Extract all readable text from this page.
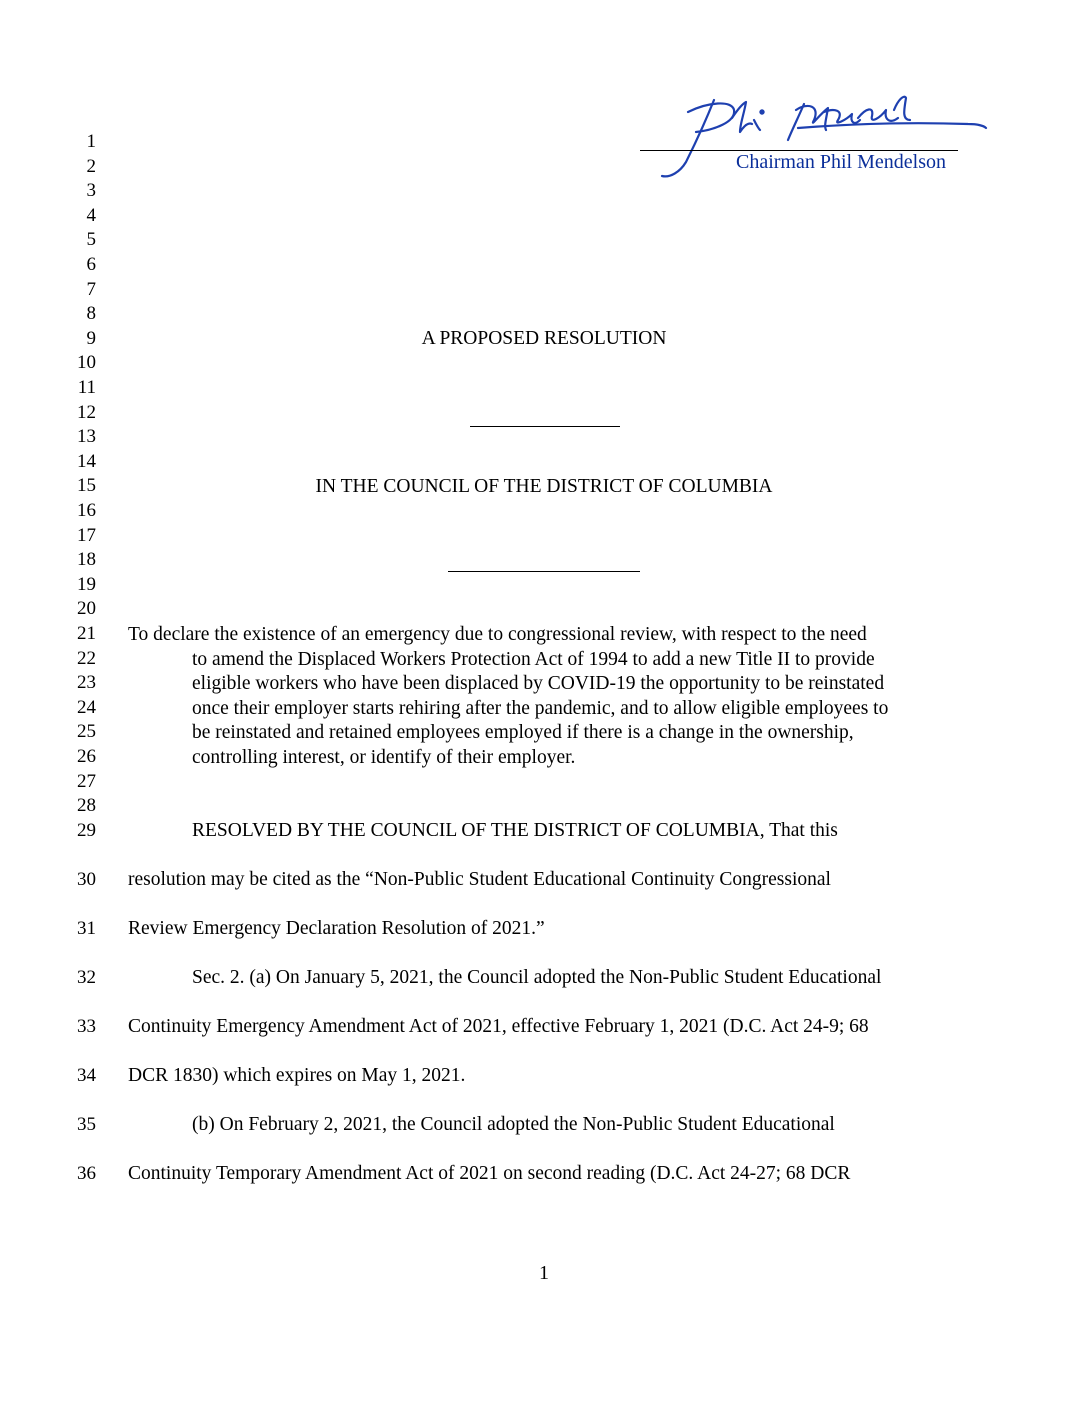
Chairman Phil Mendelson
1
2
3
4
5
6
7
8
9
10
11
12
13
14
15
16
17
18
19
20
21
22
23
24
25
26
27
28
29
30
31
32
33
34
35
36
A PROPOSED RESOLUTION
IN THE COUNCIL OF THE DISTRICT OF COLUMBIA
To declare the existence of an emergency due to congressional review, with respect to the need
to amend the Displaced Workers Protection Act of 1994 to add a new Title II to provide
eligible workers who have been displaced by COVID-19 the opportunity to be reinstated
once their employer starts rehiring after the pandemic, and to allow eligible employees to
be reinstated and retained employees employed if there is a change in the ownership,
controlling interest, or identify of their employer.
RESOLVED BY THE COUNCIL OF THE DISTRICT OF COLUMBIA, That this
resolution may be cited as the “Non-Public Student Educational Continuity Congressional
Review Emergency Declaration Resolution of 2021.”
Sec. 2. (a) On January 5, 2021, the Council adopted the Non-Public Student Educational
Continuity Emergency Amendment Act of 2021, effective February 1, 2021 (D.C. Act 24-9; 68
DCR 1830) which expires on May 1, 2021.
(b) On February 2, 2021, the Council adopted the Non-Public Student Educational
Continuity Temporary Amendment Act of 2021 on second reading (D.C. Act 24-27; 68 DCR
1
